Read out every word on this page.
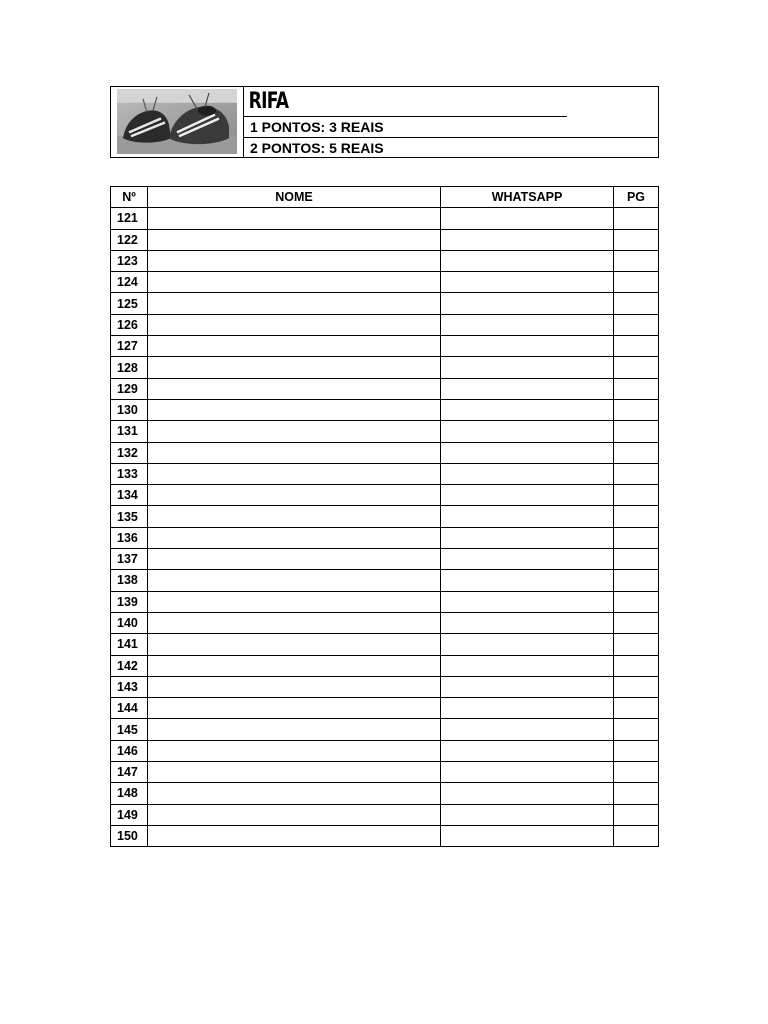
RIFA
1 PONTOS: 3 REAIS
2 PONTOS: 5 REAIS
Nº	NOME	WHATSAPP	PG
121			
122			
123			
124			
125			
126			
127			
128			
129			
130			
131			
132			
133			
134			
135			
136			
137			
138			
139			
140			
141			
142			
143			
144			
145			
146			
147			
148			
149			
150			
